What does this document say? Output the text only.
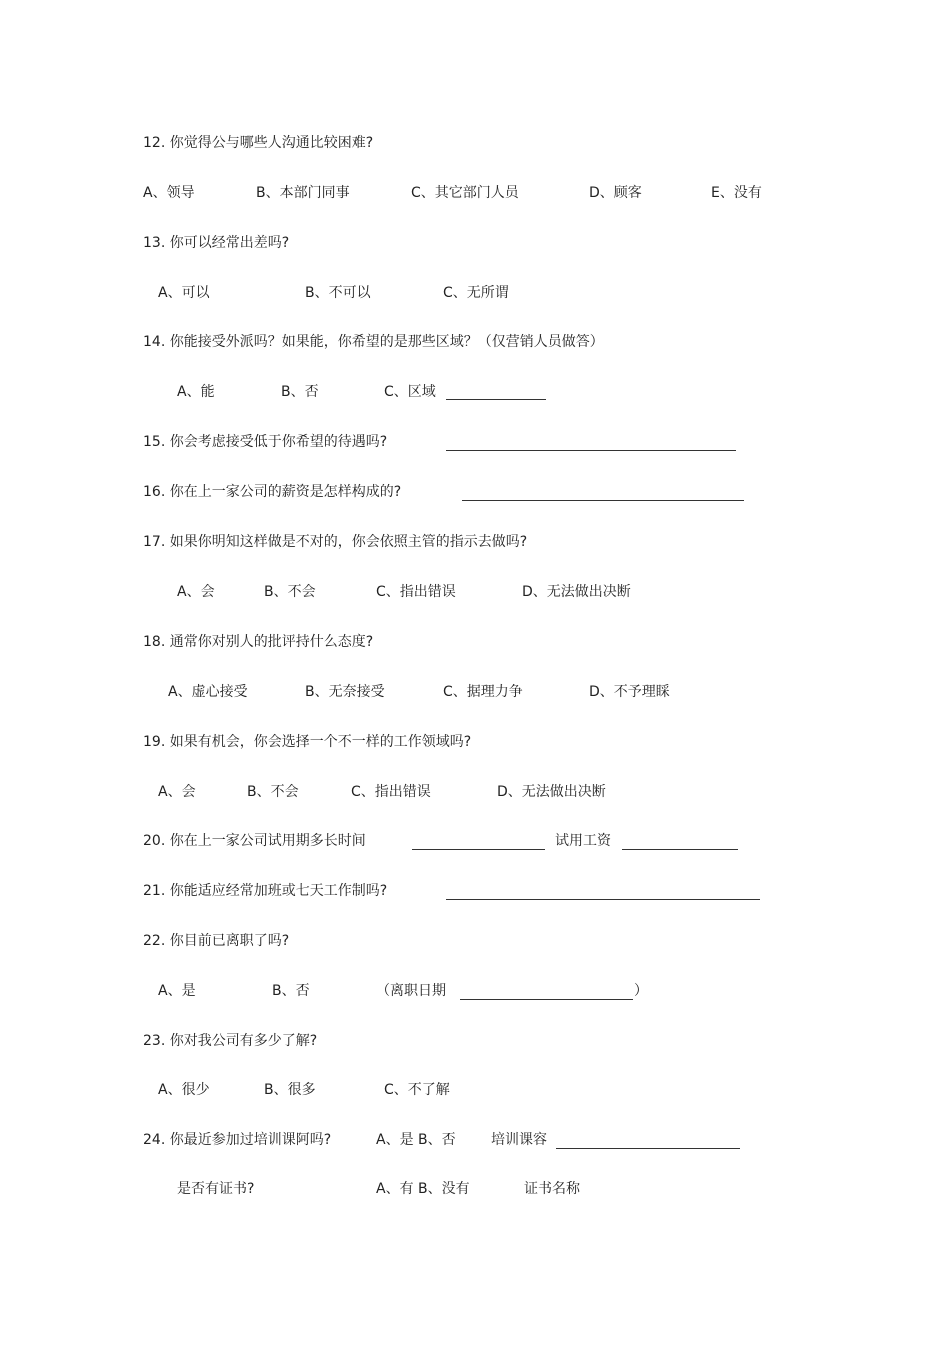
12. 你觉得公与哪些人沟通比较困难?
A、领导	B、本部门同事	C、其它部门人员	D、顾客	E、没有
13. 你可以经常出差吗?
A、可以	B、不可以	C、无所谓
14. 你能接受外派吗？如果能，你希望的是那些区域？（仅营销人员做答）
A、能	B、否	C、区域
15. 你会考虑接受低于你希望的待遇吗?
16. 你在上一家公司的薪资是怎样构成的?
17. 如果你明知这样做是不对的，你会依照主管的指示去做吗?
A、会	B、不会	C、指出错误	D、无法做出决断
18. 通常你对别人的批评持什么态度?
A、虚心接受	B、无奈接受	C、据理力争	D、不予理睬
19. 如果有机会，你会选择一个不一样的工作领域吗?
A、会	B、不会	C、指出错误	D、无法做出决断
20. 你在上一家公司试用期多长时间	试用工资
21. 你能适应经常加班或七天工作制吗?
22. 你目前已离职了吗?
A、是	B、否	（离职日期	）
23. 你对我公司有多少了解?
A、很少	B、很多	C、不了解
24. 你最近参加过培训课阿吗?	A、是 B、否	培训课容
是否有证书?	A、有 B、没有	证书名称
